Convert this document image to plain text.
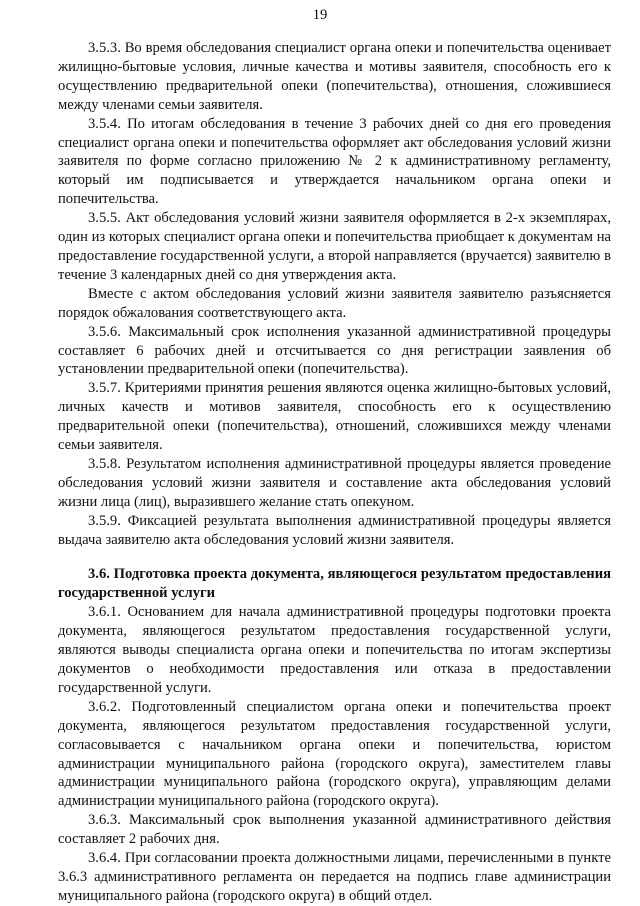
19

3.5.3. Во время обследования специалист органа опеки и попечительства оценивает жилищно-бытовые условия, личные качества и мотивы заявителя, способность его к осуществлению предварительной опеки (попечительства), отношения, сложившиеся между членами семьи заявителя.

3.5.4. По итогам обследования в течение 3 рабочих дней со дня его проведения специалист органа опеки и попечительства оформляет акт обследования условий жизни заявителя по форме согласно приложению № 2 к административному регламенту, который им подписывается и утверждается начальником органа опеки и попечительства.

3.5.5. Акт обследования условий жизни заявителя оформляется в 2-х экземплярах, один из которых специалист органа опеки и попечительства приобщает к документам на предоставление государственной услуги, а второй направляется (вручается) заявителю в течение 3 календарных дней со дня утверждения акта.

Вместе с актом обследования условий жизни заявителя заявителю разъясняется порядок обжалования соответствующего акта.

3.5.6. Максимальный срок исполнения указанной административной процедуры составляет 6 рабочих дней и отсчитывается со дня регистрации заявления об установлении предварительной опеки (попечительства).

3.5.7. Критериями принятия решения являются оценка жилищно-бытовых условий, личных качеств и мотивов заявителя, способность его к осуществлению предварительной опеки (попечительства), отношений, сложившихся между членами семьи заявителя.

3.5.8. Результатом исполнения административной процедуры является проведение обследования условий жизни заявителя и составление акта обследования условий жизни лица (лиц), выразившего желание стать опекуном.

3.5.9. Фиксацией результата выполнения административной процедуры является выдача заявителю акта обследования условий жизни заявителя.

3.6. Подготовка проекта документа, являющегося результатом предоставления государственной услуги

3.6.1. Основанием для начала административной процедуры подготовки проекта документа, являющегося результатом предоставления государственной услуги, являются выводы специалиста органа опеки и попечительства по итогам экспертизы документов о необходимости предоставления или отказа в предоставлении государственной услуги.

3.6.2. Подготовленный специалистом органа опеки и попечительства проект документа, являющегося результатом предоставления государственной услуги, согласовывается с начальником органа опеки и попечительства, юристом администрации муниципального района (городского округа), заместителем главы администрации муниципального района (городского округа), управляющим делами администрации муниципального района (городского округа).

3.6.3. Максимальный срок выполнения указанной административного действия составляет 2 рабочих дня.

3.6.4. При согласовании проекта должностными лицами, перечисленными в пункте 3.6.3 административного регламента он передается на подпись главе администрации муниципального района (городского округа) в общий отдел.
